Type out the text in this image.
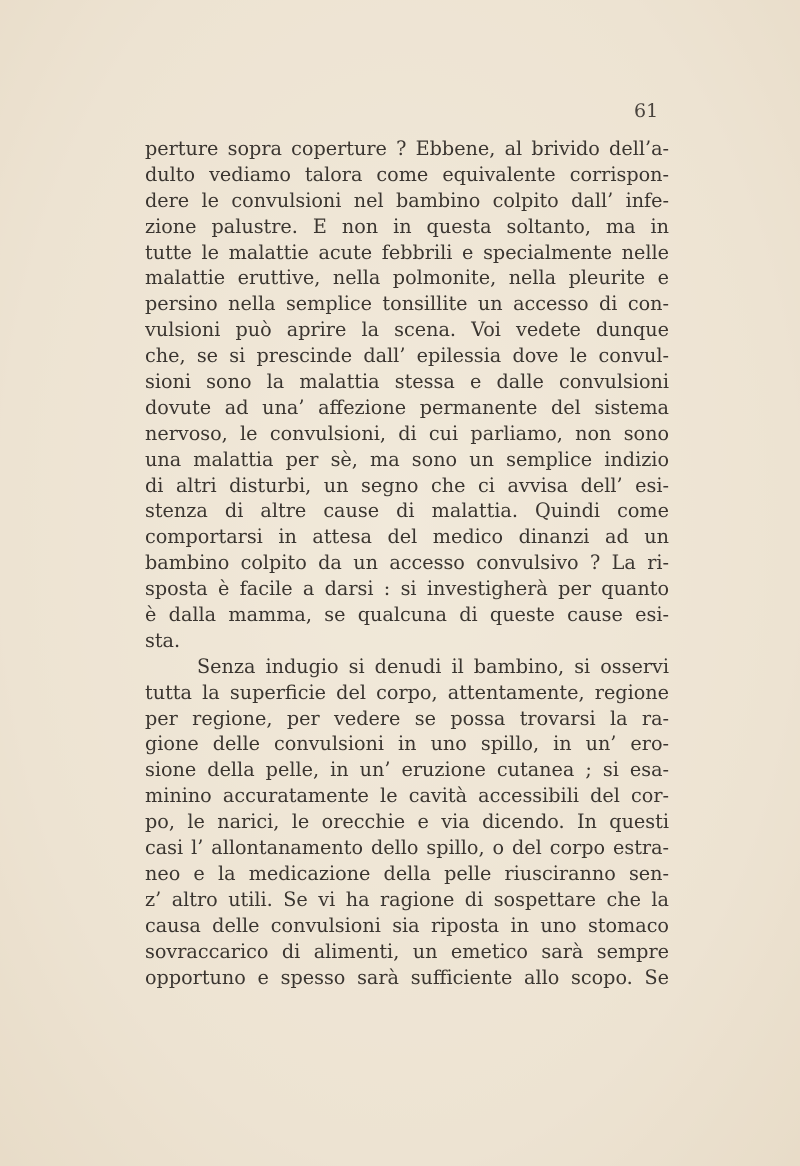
61
perture sopra coperture ? Ebbene, al brivido dell’a-
dulto vediamo talora come equivalente corrispon-
dere le convulsioni nel bambino colpito dall’ infe-
zione palustre. E non in questa soltanto, ma in
tutte le malattie acute febbrili e specialmente nelle
malattie eruttive, nella polmonite, nella pleurite e
persino nella semplice tonsillite un accesso di con-
vulsioni può aprire la scena. Voi vedete dunque
che, se si prescinde dall’ epilessia dove le convul-
sioni sono la malattia stessa e dalle convulsioni
dovute ad una’ affezione permanente del sistema
nervoso, le convulsioni, di cui parliamo, non sono
una malattia per sè, ma sono un semplice indizio
di altri disturbi, un segno che ci avvisa dell’ esi-
stenza di altre cause di malattia. Quindi come
comportarsi in attesa del medico dinanzi ad un
bambino colpito da un accesso convulsivo ? La ri-
sposta è facile a darsi : si investigherà per quanto
è dalla mamma, se qualcuna di queste cause esi-
sta.
Senza indugio si denudi il bambino, si osservi
tutta la superficie del corpo, attentamente, regione
per regione, per vedere se possa trovarsi la ra-
gione delle convulsioni in uno spillo, in un’ ero-
sione della pelle, in un’ eruzione cutanea ; si esa-
minino accuratamente le cavità accessibili del cor-
po, le narici, le orecchie e via dicendo. In questi
casi l’ allontanamento dello spillo, o del corpo estra-
neo e la medicazione della pelle riusciranno sen-
z’ altro utili. Se vi ha ragione di sospettare che la
causa delle convulsioni sia riposta in uno stomaco
sovraccarico di alimenti, un emetico sarà sempre
opportuno e spesso sarà sufficiente allo scopo. Se
